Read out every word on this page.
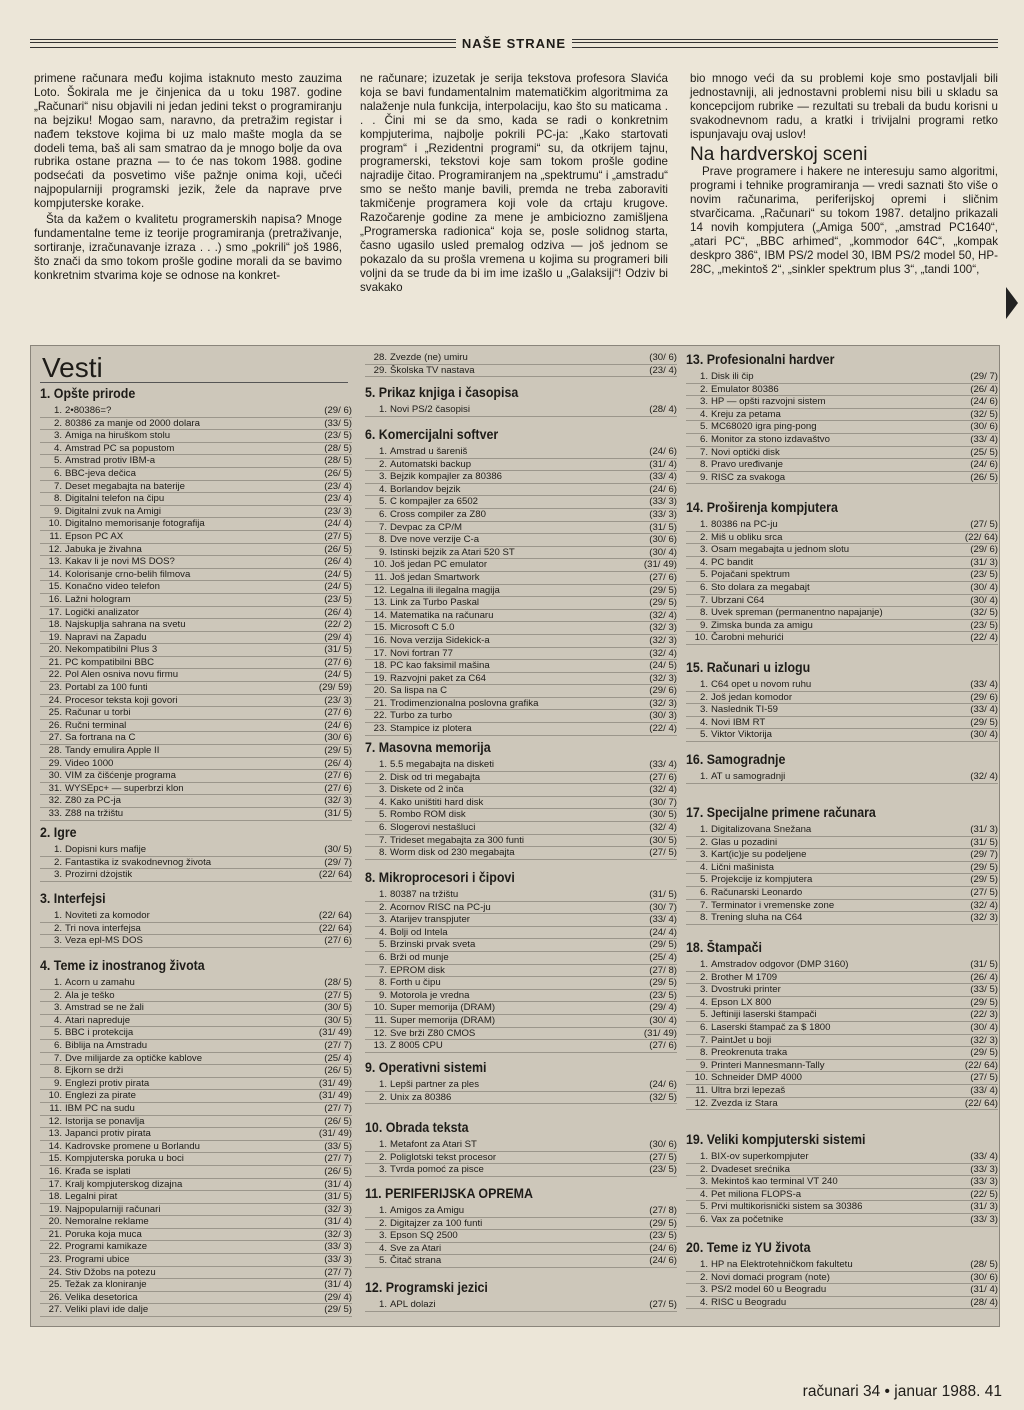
NAŠE STRANE

primene računara među kojima istaknuto mesto zauzima Loto. Šokirala me je činjenica da u toku 1987. godine „Računari“ nisu objavili ni jedan jedini tekst o programiranju na bejziku! Mogao sam, naravno, da pretražim registar i nađem tekstove kojima bi uz malo mašte mogla da se dodeli tema, baš ali sam smatrao da je mnogo bolje da ova rubrika ostane prazna — to će nas tokom 1988. godine podsećati da posvetimo više pažnje onima koji, učeći najpopularniji programski jezik, žele da naprave prve kompjuterske korake.

Šta da kažem o kvalitetu programerskih napisa? Mnoge fundamentalne teme iz teorije programiranja (pretraživanje, sortiranje, izračunavanje izraza . . .) smo „pokrili“ još 1986, što znači da smo tokom prošle godine morali da se bavimo konkretnim stvarima koje se odnose na konkret-

ne računare; izuzetak je serija tekstova profesora Slavića koja se bavi fundamentalnim matematičkim algoritmima za nalaženje nula funkcija, interpolaciju, kao što su maticama . . . Čini mi se da smo, kada se radi o konkretnim kompjuterima, najbolje pokrili PC-ja: „Kako startovati program“ i „Rezidentni programi“ su, da otkrijem tajnu, programerski, tekstovi koje sam tokom prošle godine najradije čitao. Programiranjem na „spektrumu“ i „amstradu“ smo se nešto manje bavili, premda ne treba zaboraviti takmičenje programera koji vole da crtaju krugove. Razočarenje godine za mene je ambiciozno zamišljena „Programerska radionica“ koja se, posle solidnog starta, časno ugasilo usled premalog odziva — još jednom se pokazalo da su prošla vremena u kojima su programeri bili voljni da se trude da bi im ime izašlo u „Galaksiji“! Odziv bi svakako

bio mnogo veći da su problemi koje smo postavljali bili jednostavniji, ali jednostavni problemi nisu bili u skladu sa koncepcijom rubrike — rezultati su trebali da budu korisni u svakodnevnom radu, a kratki i trivijalni programi retko ispunjavaju ovaj uslov!

Na hardverskoj sceni

Prave programere i hakere ne interesuju samo algoritmi, programi i tehnike programiranja — vredi saznati što više o novim računarima, periferijskoj opremi i sličnim stvarčicama. „Računari“ su tokom 1987. detaljno prikazali 14 novih kompjutera („Amiga 500“, „amstrad PC1640“, „atari PC“, „BBC arhimed“, „kommodor 64C“, „kompak deskpro 386“, IBM PS/2 model 30, IBM PS/2 model 50, HP-28C, „mekintoš 2“, „sinkler spektrum plus 3“, „tandi 100“,

Vesti
1. Opšte prirode
1. 2•80386=?	(29/ 6)
2. 80386 za manje od 2000 dolara	(33/ 5)
3. Amiga na hiruškom stolu	(23/ 5)
4. Amstrad PC sa popustom	(28/ 5)
5. Amstrad protiv IBM-a	(28/ 5)
6. BBC-jeva dečica	(26/ 5)
7. Deset megabajta na baterije	(23/ 4)
8. Digitalni telefon na čipu	(23/ 4)
9. Digitalni zvuk na Amigi	(23/ 3)
10. Digitalno memorisanje fotografija	(24/ 4)
11. Epson PC AX	(27/ 5)
12. Jabuka je živahna	(26/ 5)
13. Kakav li je novi MS DOS?	(26/ 4)
14. Kolorisanje crno-belih filmova	(24/ 5)
15. Konačno video telefon	(24/ 5)
16. Lažni hologram	(23/ 5)
17. Logički analizator	(26/ 4)
18. Najskuplja sahrana na svetu	(22/ 2)
19. Napravi na Zapadu	(29/ 4)
20. Nekompatibilni Plus 3	(31/ 5)
21. PC kompatibilni BBC	(27/ 6)
22. Pol Alen osniva novu firmu	(24/ 5)
23. Portabl za 100 funti	(29/ 59)
24. Procesor teksta koji govori	(23/ 3)
25. Računar u torbi	(27/ 6)
26. Ručni terminal	(24/ 6)
27. Sa fortrana na C	(30/ 6)
28. Tandy emulira Apple II	(29/ 5)
29. Video 1000	(26/ 4)
30. VIM za čišćenje programa	(27/ 6)
31. WYSEpc+ — superbrzi klon	(27/ 6)
32. Z80 za PC-ja	(32/ 3)
33. Z88 na tržištu	(31/ 5)
2. Igre
1. Dopisni kurs mafije	(30/ 5)
2. Fantastika iz svakodnevnog života	(29/ 7)
3. Prozirni dżojstik	(22/ 64)
3. Interfejsi
1. Noviteti za komodor	(22/ 64)
2. Tri nova interfejsa	(22/ 64)
3. Veza epl-MS DOS	(27/ 6)
4. Teme iz inostranog života
1. Acorn u zamahu	(28/ 5)
2. Ala je teško	(27/ 5)
3. Amstrad se ne žali	(30/ 5)
4. Atari napreduje	(30/ 5)
5. BBC i protekcija	(31/ 49)
6. Biblija na Amstradu	(27/ 7)
7. Dve milijarde za optičke kablove	(25/ 4)
8. Ejkorn se drži	(26/ 5)
9. Englezi protiv pirata	(31/ 49)
10. Englezi za pirate	(31/ 49)
11. IBM PC na sudu	(27/ 7)
12. Istorija se ponavlja	(26/ 5)
13. Japanci protiv pirata	(31/ 49)
14. Kadrovske promene u Borlandu	(33/ 5)
15. Kompjuterska poruka u boci	(27/ 7)
16. Krađa se isplati	(26/ 5)
17. Kralj kompjuterskog dizajna	(31/ 4)
18. Legalni pirat	(31/ 5)
19. Najpopularniji računari	(32/ 3)
20. Nemoralne reklame	(31/ 4)
21. Poruka koja muca	(32/ 3)
22. Programi kamikaze	(33/ 3)
23. Programi ubice	(33/ 3)
24. Stiv Džobs na potezu	(27/ 7)
25. Težak za kloniranje	(31/ 4)
26. Velika desetorica	(29/ 4)
27. Veliki plavi ide dalje	(29/ 5)
28. Zvezde (ne) umiru	(30/ 6)
29. Školska TV nastava	(23/ 4)
5. Prikaz knjiga i časopisa
1. Novi PS/2 časopisi	(28/ 4)
6. Komercijalni softver
1. Amstrad u šareniš	(24/ 6)
2. Automatski backup	(31/ 4)
3. Bejzik kompajler za 80386	(33/ 4)
4. Borlandov bejzik	(24/ 6)
5. C kompajler za 6502	(33/ 3)
6. Cross compiler za Z80	(33/ 3)
7. Devpac za CP/M	(31/ 5)
8. Dve nove verzije C-a	(30/ 6)
9. Istinski bejzik za Atari 520 ST	(30/ 4)
10. Još jedan PC emulator	(31/ 49)
11. Još jedan Smartwork	(27/ 6)
12. Legalna ili ilegalna magija	(29/ 5)
13. Link za Turbo Paskal	(29/ 5)
14. Matematika na računaru	(32/ 4)
15. Microsoft C 5.0	(32/ 3)
16. Nova verzija Sidekick-a	(32/ 3)
17. Novi fortran 77	(32/ 4)
18. PC kao faksimil mašina	(24/ 5)
19. Razvojni paket za C64	(32/ 3)
20. Sa lispa na C	(29/ 6)
21. Trodimenzionalna poslovna grafika	(32/ 3)
22. Turbo za turbo	(30/ 3)
23. Stampice iz plotera	(22/ 4)
7. Masovna memorija
1. 5.5 megabajta na disketi	(33/ 4)
2. Disk od tri megabajta	(27/ 6)
3. Diskete od 2 inča	(32/ 4)
4. Kako uništiti hard disk	(30/ 7)
5. Rombo ROM disk	(30/ 5)
6. Slogerovi nestašluci	(32/ 4)
7. Trideset megabajta za 300 funti	(30/ 5)
8. Worm disk od 230 megabajta	(27/ 5)
8. Mikroprocesori i čipovi
1. 80387 na tržištu	(31/ 5)
2. Acornov RISC na PC-ju	(30/ 7)
3. Atarijev transpjuter	(33/ 4)
4. Bolji od Intela	(24/ 4)
5. Brzinski prvak sveta	(29/ 5)
6. Brži od munje	(25/ 4)
7. EPROM disk	(27/ 8)
8. Forth u čipu	(29/ 5)
9. Motorola je vredna	(23/ 5)
10. Super memorija (DRAM)	(29/ 4)
11. Super memorija (DRAM)	(30/ 4)
12. Sve brži Z80 CMOS	(31/ 49)
13. Z 8005 CPU	(27/ 6)
9. Operativni sistemi
1. Lepši partner za ples	(24/ 6)
2. Unix za 80386	(32/ 5)
10. Obrada teksta
1. Metafont za Atari ST	(30/ 6)
2. Poliglotski tekst procesor	(27/ 5)
3. Tvrda pomoć za pisce	(23/ 5)
11. PERIFERIJSKA OPREMA
1. Amigos za Amigu	(27/ 8)
2. Digitajzer za 100 funti	(29/ 5)
3. Epson SQ 2500	(23/ 5)
4. Sve za Atari	(24/ 6)
5. Čitač strana	(24/ 6)
12. Programski jezici
1. APL dolazi	(27/ 5)
13. Profesionalni hardver
1. Disk ili čip	(29/ 7)
2. Emulator 80386	(26/ 4)
3. HP — opšti razvojni sistem	(24/ 6)
4. Kreju za petama	(32/ 5)
5. MC68020 igra ping-pong	(30/ 6)
6. Monitor za stono izdavaštvo	(33/ 4)
7. Novi optički disk	(25/ 5)
8. Pravo uređivanje	(24/ 6)
9. RISC za svakoga	(26/ 5)
14. Proširenja kompjutera
1. 80386 na PC-ju	(27/ 5)
2. Miš u obliku srca	(22/ 64)
3. Osam megabajta u jednom slotu	(29/ 6)
4. PC bandit	(31/ 3)
5. Pojačani spektrum	(23/ 5)
6. Sto dolara za megabajt	(30/ 4)
7. Ubrzani C64	(30/ 4)
8. Uvek spreman (permanentno napajanje)	(32/ 5)
9. Zimska bunda za amigu	(23/ 5)
10. Čarobni mehurići	(22/ 4)
15. Računari u izlogu
1. C64 opet u novom ruhu	(33/ 4)
2. Još jedan komodor	(29/ 6)
3. Naslednik TI-59	(33/ 4)
4. Novi IBM RT	(29/ 5)
5. Viktor Viktorija	(30/ 4)
16. Samogradnje
1. AT u samogradnji	(32/ 4)
17. Specijalne primene računara
1. Digitalizovana Snežana	(31/ 3)
2. Glas u pozadini	(31/ 5)
3. Kart(ic)je su podeljene	(29/ 7)
4. Lični mašinista	(29/ 5)
5. Projekcije iz kompjutera	(29/ 5)
6. Računarski Leonardo	(27/ 5)
7. Terminator i vremenske zone	(32/ 4)
8. Trening sluha na C64	(32/ 3)
18. Štampači
1. Amstradov odgovor (DMP 3160)	(31/ 5)
2. Brother M 1709	(26/ 4)
3. Dvostruki printer	(33/ 5)
4. Epson LX 800	(29/ 5)
5. Jeftiniji laserski štampači	(22/ 3)
6. Laserski štampač za $ 1800	(30/ 4)
7. PaintJet u boji	(32/ 3)
8. Preokrenuta traka	(29/ 5)
9. Printeri Mannesmann-Tally	(22/ 64)
10. Schneider DMP 4000	(27/ 5)
11. Ultra brzi lepezaš	(33/ 4)
12. Zvezda iz Stara	(22/ 64)
19. Veliki kompjuterski sistemi
1. BIX-ov superkompjuter	(33/ 4)
2. Dvadeset srećnika	(33/ 3)
3. Mekintoš kao terminal VT 240	(33/ 3)
4. Pet miliona FLOPS-a	(22/ 5)
5. Prvi multikorisnički sistem sa 30386	(31/ 3)
6. Vax za početnike	(33/ 3)
20. Teme iz YU života
1. HP na Elektrotehničkom fakultetu	(28/ 5)
2. Novi domaći program (note)	(30/ 6)
3. PS/2 model 60 u Beogradu	(31/ 4)
4. RISC u Beogradu	(28/ 4)
računari 34 • januar 1988. 41
